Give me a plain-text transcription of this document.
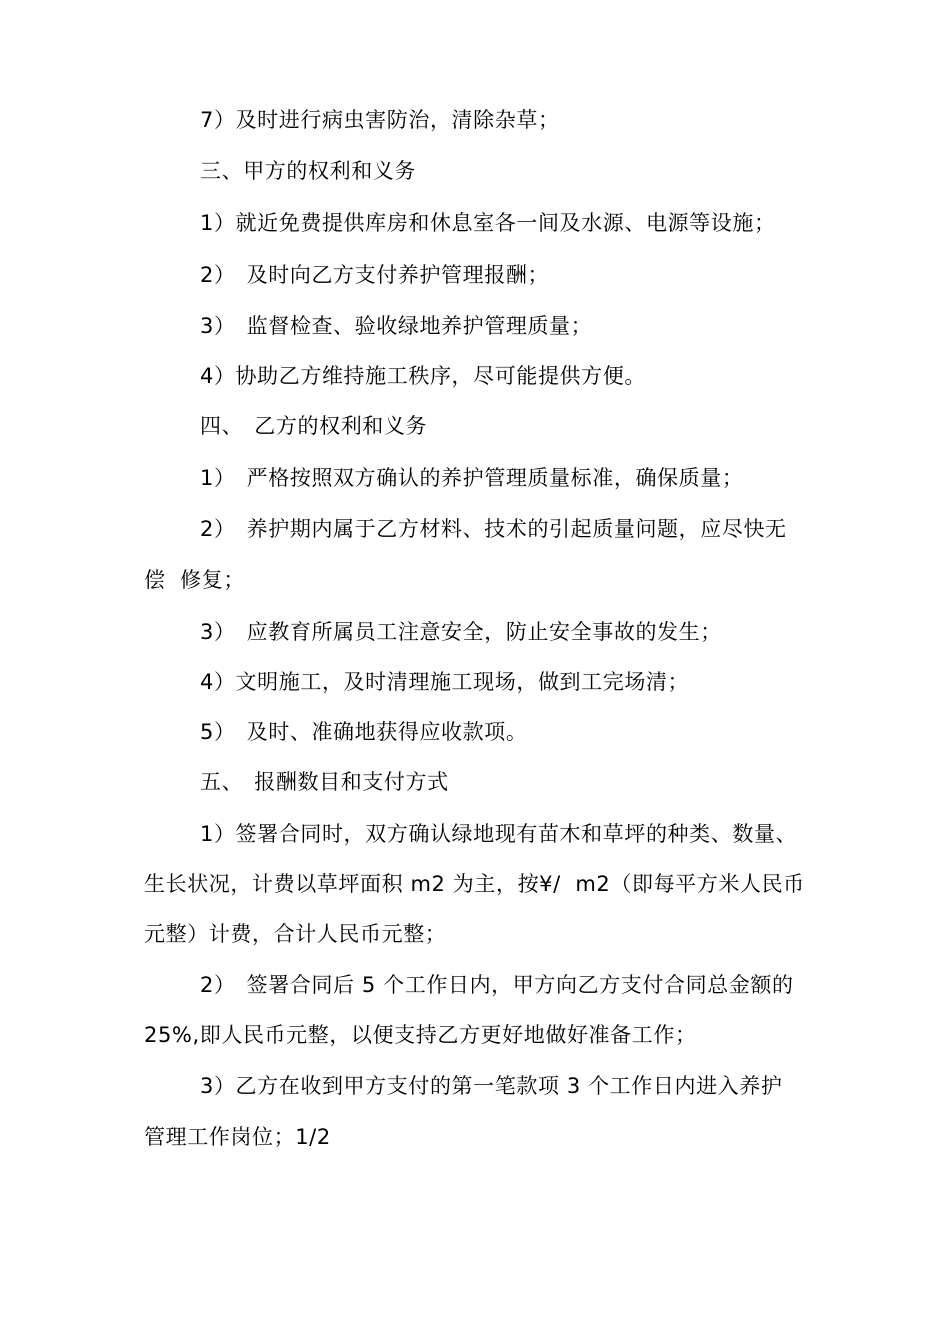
7）及时进行病虫害防治，清除杂草；
三、甲方的权利和义务
1）就近免费提供库房和休息室各一间及水源、电源等设施；
2）　及时向乙方支付养护管理报酬；
3）　监督检查、验收绿地养护管理质量；
4）协助乙方维持施工秩序，尽可能提供方便。
四、　乙方的权利和义务
1）　严格按照双方确认的养护管理质量标准，确保质量；
2）　养护期内属于乙方材料、技术的引起质量问题，应尽快无
偿  修复；
3）　应教育所属员工注意安全，防止安全事故的发生；
4）文明施工，及时清理施工现场，做到工完场清；
5）　及时、准确地获得应收款项。
五、　报酬数目和支付方式
1）签署合同时，双方确认绿地现有苗木和草坪的种类、数量、
生长状况，计费以草坪面积 m2 为主，按¥/  m2（即每平方米人民币
元整）计费，合计人民币元整；
2）　签署合同后 5 个工作日内，甲方向乙方支付合同总金额的
25%,即人民币元整，以便支持乙方更好地做好准备工作；
3）乙方在收到甲方支付的第一笔款项 3 个工作日内进入养护
管理工作岗位；1/2
